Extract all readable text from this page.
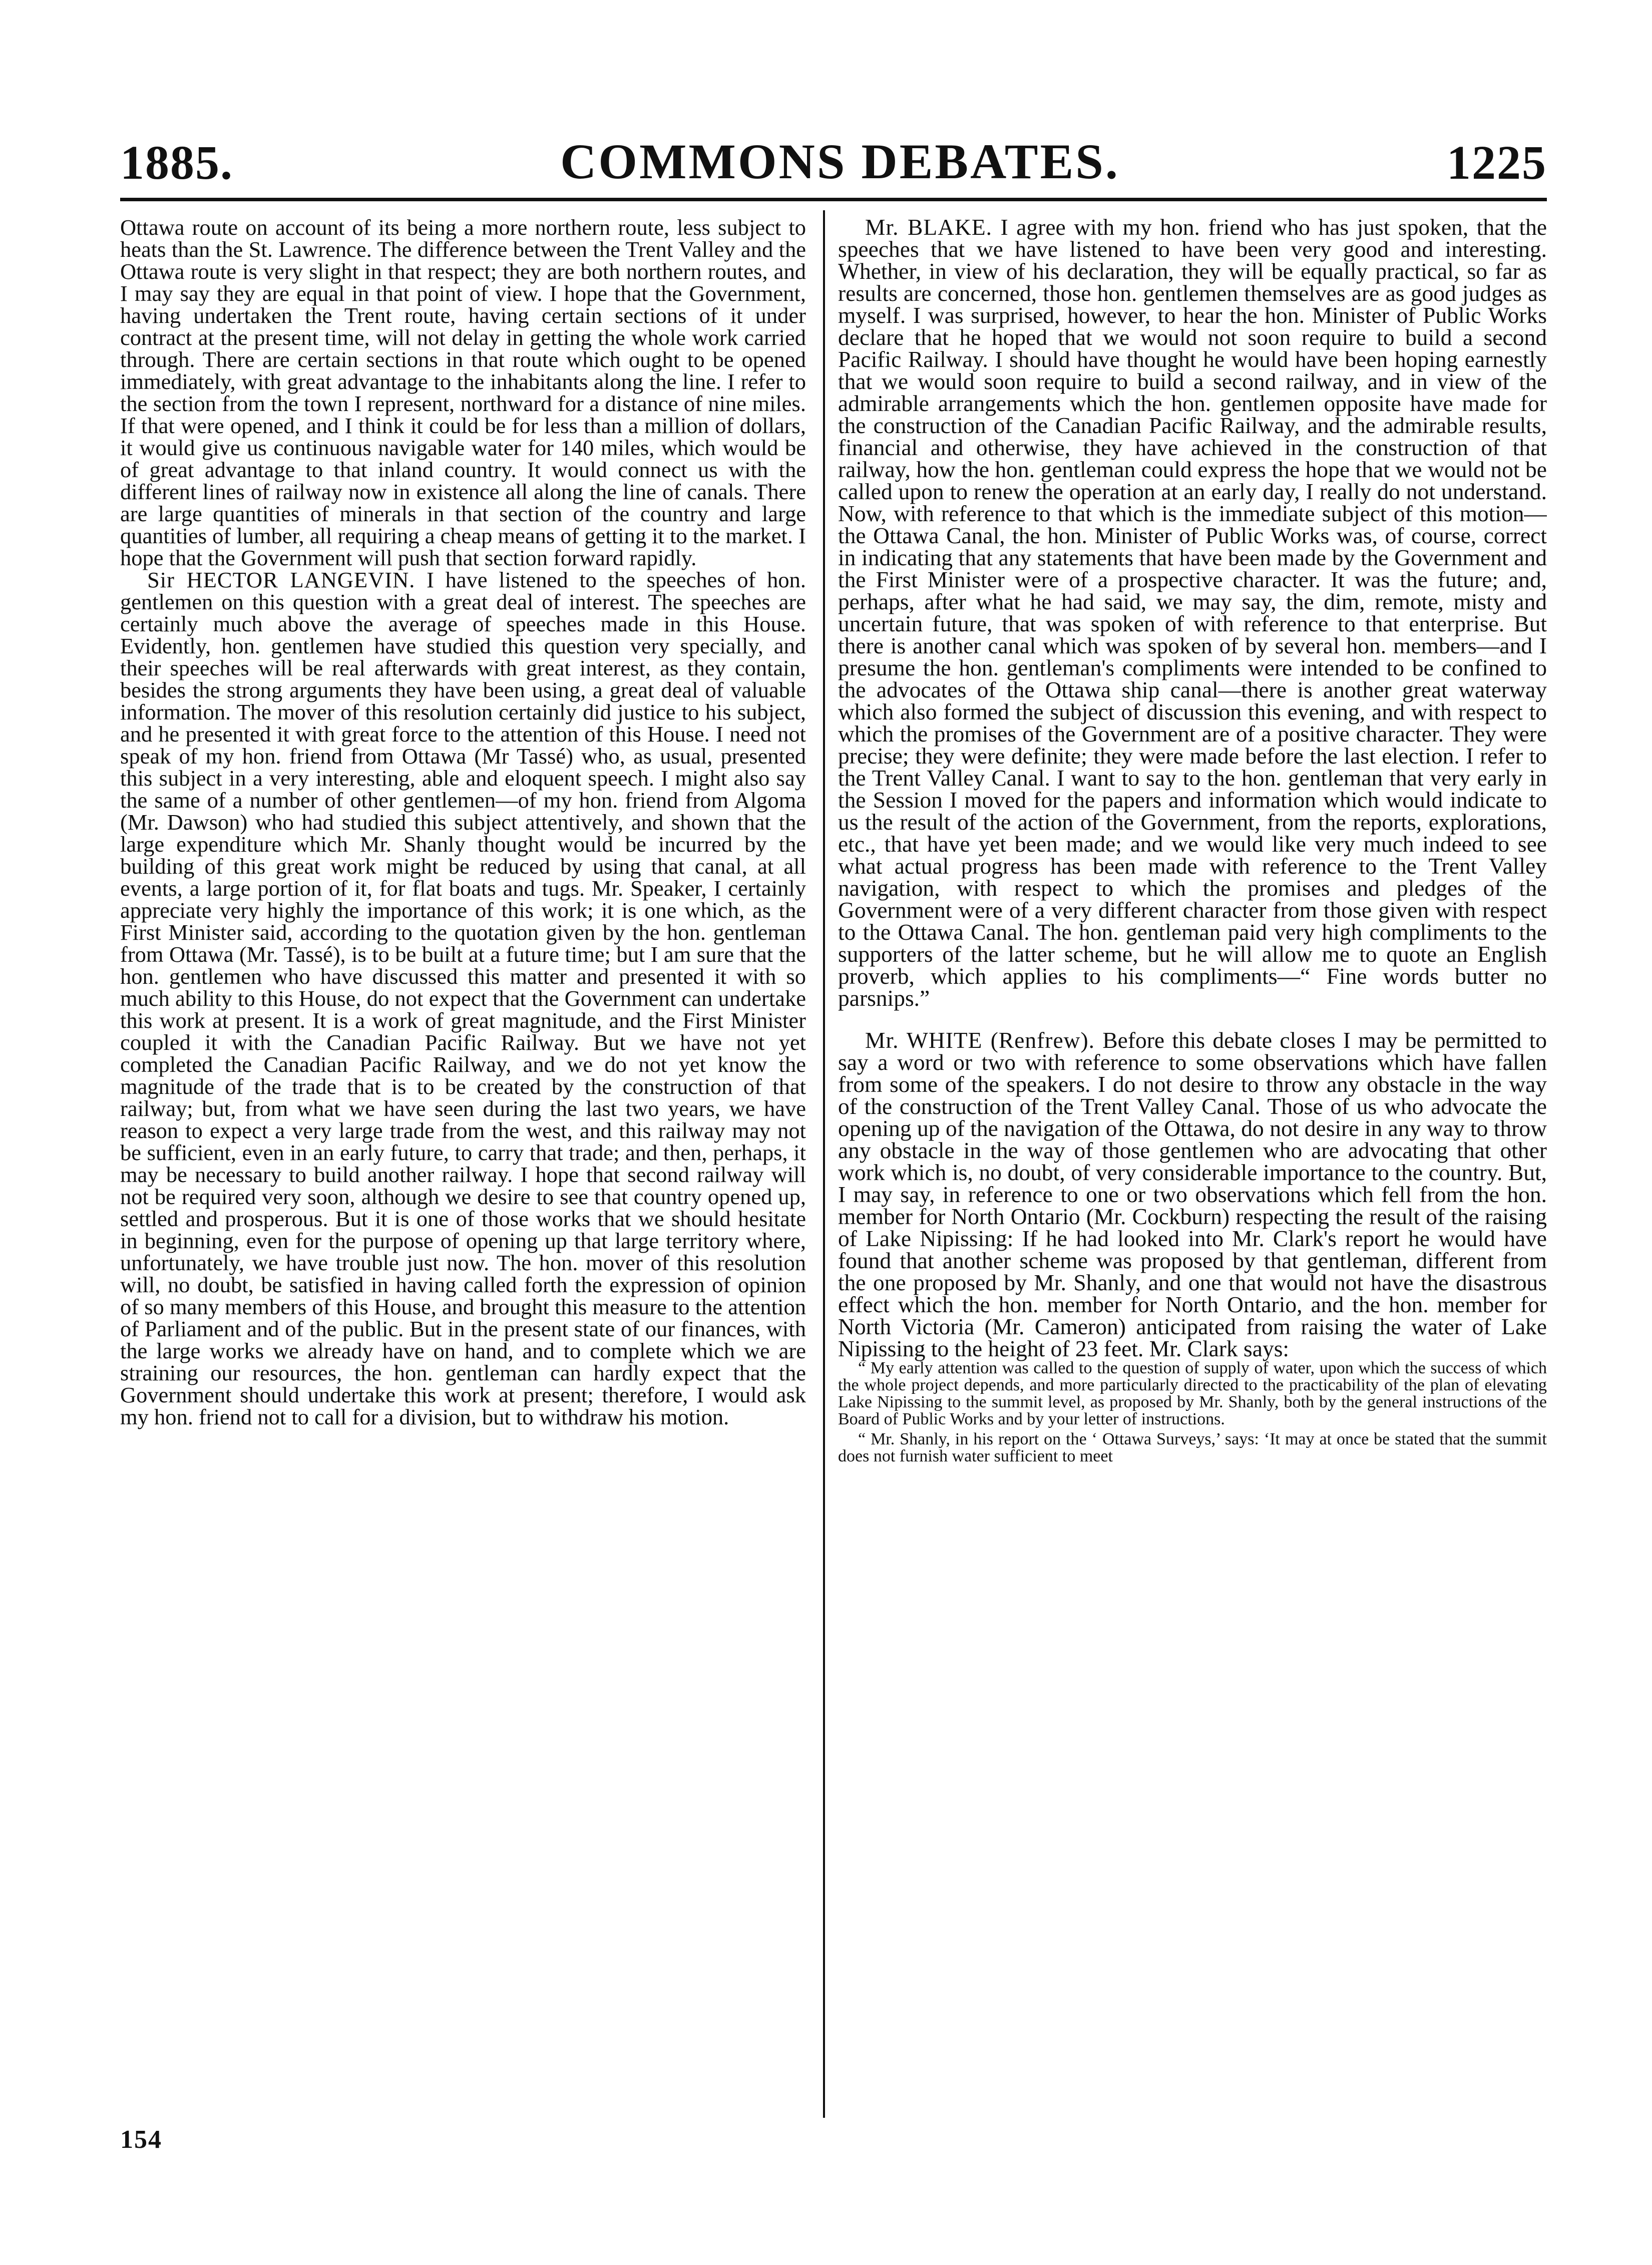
1885.	COMMONS DEBATES.	1225

Ottawa route on account of its being a more northern route, less subject to heats than the St. Lawrence. The difference between the Trent Valley and the Ottawa route is very slight in that respect; they are both northern routes, and I may say they are equal in that point of view. I hope that the Government, having undertaken the Trent route, having certain sections of it under contract at the present time, will not delay in getting the whole work carried through. There are certain sections in that route which ought to be opened immediately, with great advantage to the inhabitants along the line. I refer to the section from the town I represent, northward for a distance of nine miles. If that were opened, and I think it could be for less than a million of dollars, it would give us continuous navigable water for 140 miles, which would be of great advantage to that inland country. It would connect us with the different lines of railway now in existence all along the line of canals. There are large quantities of minerals in that section of the country and large quantities of lumber, all requiring a cheap means of getting it to the market. I hope that the Government will push that section forward rapidly.

Sir HECTOR LANGEVIN. I have listened to the speeches of hon. gentlemen on this question with a great deal of interest. The speeches are certainly much above the average of speeches made in this House. Evidently, hon. gentlemen have studied this question very specially, and their speeches will be real afterwards with great interest, as they contain, besides the strong arguments they have been using, a great deal of valuable information. The mover of this resolution certainly did justice to his subject, and he presented it with great force to the attention of this House. I need not speak of my hon. friend from Ottawa (Mr Tassé) who, as usual, presented this subject in a very interesting, able and eloquent speech. I might also say the same of a number of other gentlemen—of my hon. friend from Algoma (Mr. Dawson) who had studied this subject attentively, and shown that the large expenditure which Mr. Shanly thought would be incurred by the building of this great work might be reduced by using that canal, at all events, a large portion of it, for flat boats and tugs. Mr. Speaker, I certainly appreciate very highly the importance of this work; it is one which, as the First Minister said, according to the quotation given by the hon. gentleman from Ottawa (Mr. Tassé), is to be built at a future time; but I am sure that the hon. gentlemen who have discussed this matter and presented it with so much ability to this House, do not expect that the Government can undertake this work at present. It is a work of great magnitude, and the First Minister coupled it with the Canadian Pacific Railway. But we have not yet completed the Canadian Pacific Railway, and we do not yet know the magnitude of the trade that is to be created by the construction of that railway; but, from what we have seen during the last two years, we have reason to expect a very large trade from the west, and this railway may not be sufficient, even in an early future, to carry that trade; and then, perhaps, it may be necessary to build another railway. I hope that second railway will not be required very soon, although we desire to see that country opened up, settled and prosperous. But it is one of those works that we should hesitate in beginning, even for the purpose of opening up that large territory where, unfortunately, we have trouble just now. The hon. mover of this resolution will, no doubt, be satisfied in having called forth the expression of opinion of so many members of this House, and brought this measure to the attention of Parliament and of the public. But in the present state of our finances, with the large works we already have on hand, and to complete which we are straining our resources, the hon. gentleman can hardly expect that the Government should undertake this work at present; therefore, I would ask my hon. friend not to call for a division, but to withdraw his motion.

Mr. BLAKE. I agree with my hon. friend who has just spoken, that the speeches that we have listened to have been very good and interesting. Whether, in view of his declaration, they will be equally practical, so far as results are concerned, those hon. gentlemen themselves are as good judges as myself. I was surprised, however, to hear the hon. Minister of Public Works declare that he hoped that we would not soon require to build a second Pacific Railway. I should have thought he would have been hoping earnestly that we would soon require to build a second railway, and in view of the admirable arrangements which the hon. gentlemen opposite have made for the construction of the Canadian Pacific Railway, and the admirable results, financial and otherwise, they have achieved in the construction of that railway, how the hon. gentleman could express the hope that we would not be called upon to renew the operation at an early day, I really do not understand. Now, with reference to that which is the immediate subject of this motion—the Ottawa Canal, the hon. Minister of Public Works was, of course, correct in indicating that any statements that have been made by the Government and the First Minister were of a prospective character. It was the future; and, perhaps, after what he had said, we may say, the dim, remote, misty and uncertain future, that was spoken of with reference to that enterprise. But there is another canal which was spoken of by several hon. members—and I presume the hon. gentleman's compliments were intended to be confined to the advocates of the Ottawa ship canal—there is another great waterway which also formed the subject of discussion this evening, and with respect to which the promises of the Government are of a positive character. They were precise; they were definite; they were made before the last election. I refer to the Trent Valley Canal. I want to say to the hon. gentleman that very early in the Session I moved for the papers and information which would indicate to us the result of the action of the Government, from the reports, explorations, etc., that have yet been made; and we would like very much indeed to see what actual progress has been made with reference to the Trent Valley navigation, with respect to which the promises and pledges of the Government were of a very different character from those given with respect to the Ottawa Canal. The hon. gentleman paid very high compliments to the supporters of the latter scheme, but he will allow me to quote an English proverb, which applies to his compliments—“ Fine words butter no parsnips.”

Mr. WHITE (Renfrew). Before this debate closes I may be permitted to say a word or two with reference to some observations which have fallen from some of the speakers. I do not desire to throw any obstacle in the way of the construction of the Trent Valley Canal. Those of us who advocate the opening up of the navigation of the Ottawa, do not desire in any way to throw any obstacle in the way of those gentlemen who are advocating that other work which is, no doubt, of very considerable importance to the country. But, I may say, in reference to one or two observations which fell from the hon. member for North Ontario (Mr. Cockburn) respecting the result of the raising of Lake Nipissing: If he had looked into Mr. Clark's report he would have found that another scheme was proposed by that gentleman, different from the one proposed by Mr. Shanly, and one that would not have the disastrous effect which the hon. member for North Ontario, and the hon. member for North Victoria (Mr. Cameron) anticipated from raising the water of Lake Nipissing to the height of 23 feet. Mr. Clark says:

“ My early attention was called to the question of supply of water, upon which the success of which the whole project depends, and more particularly directed to the practicability of the plan of elevating Lake Nipissing to the summit level, as proposed by Mr. Shanly, both by the general instructions of the Board of Public Works and by your letter of instructions.

“ Mr. Shanly, in his report on the ‘ Ottawa Surveys,’ says: ‘It may at once be stated that the summit does not furnish water sufficient to meet

154
